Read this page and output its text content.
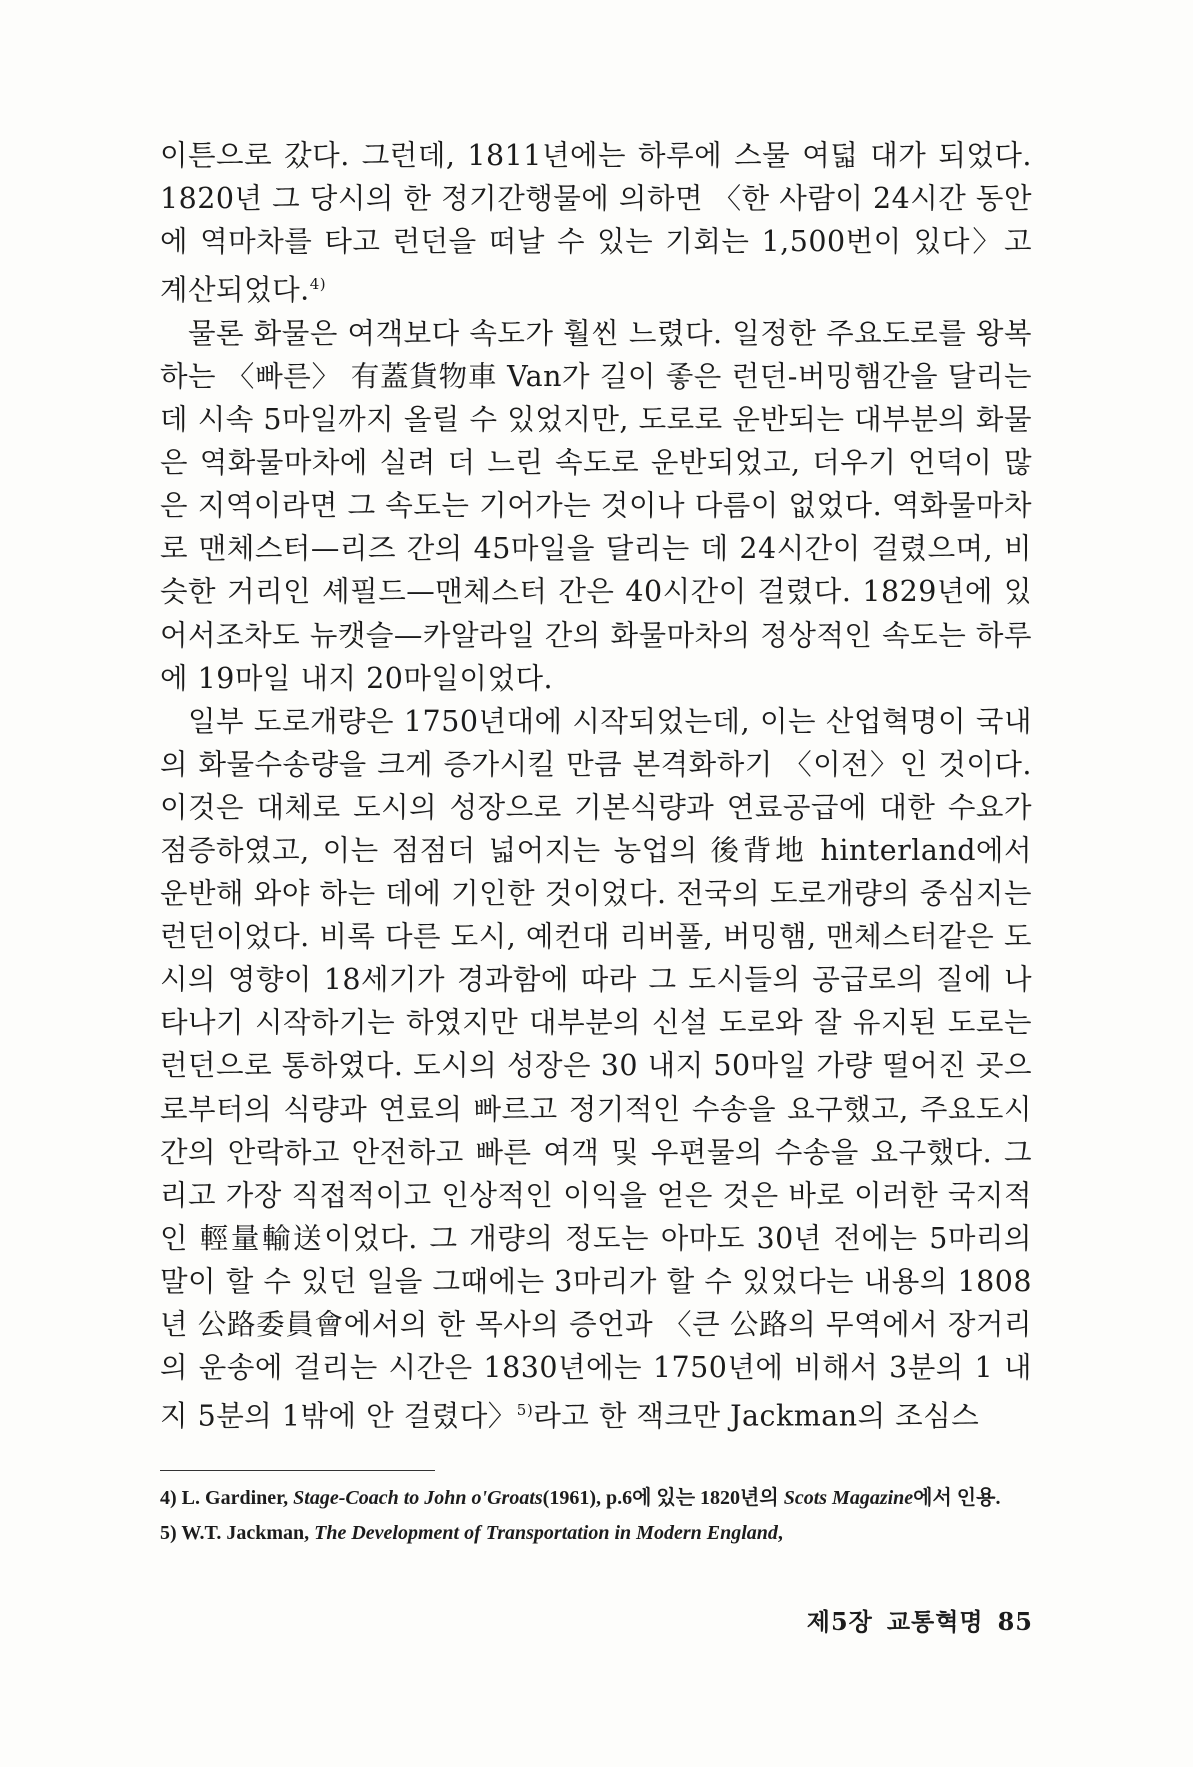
이튼으로 갔다. 그런데, 1811년에는 하루에 스물 여덟 대가 되었다. 1820년 그 당시의 한 정기간행물에 의하면 〈한 사람이 24시간 동안에 역마차를 타고 런던을 떠날 수 있는 기회는 1,500번이 있다〉고 계산되었다.$^{4)}$

물론 화물은 여객보다 속도가 훨씬 느렸다. 일정한 주요도로를 왕복하는 〈빠른〉 有蓋貨物車 Van가 길이 좋은 런던-버밍햄간을 달리는 데 시속 5마일까지 올릴 수 있었지만, 도로로 운반되는 대부분의 화물은 역화물마차에 실려 더 느린 속도로 운반되었고, 더우기 언덕이 많은 지역이라면 그 속도는 기어가는 것이나 다름이 없었다. 역화물마차로 맨체스터—리즈 간의 45마일을 달리는 데 24시간이 걸렸으며, 비슷한 거리인 셰필드—맨체스터 간은 40시간이 걸렸다. 1829년에 있어서조차도 뉴캣슬—카알라일 간의 화물마차의 정상적인 속도는 하루에 19마일 내지 20마일이었다.

일부 도로개량은 1750년대에 시작되었는데, 이는 산업혁명이 국내의 화물수송량을 크게 증가시킬 만큼 본격화하기 〈이전〉인 것이다. 이것은 대체로 도시의 성장으로 기본식량과 연료공급에 대한 수요가 점증하였고, 이는 점점더 넓어지는 농업의 後背地 hinterland에서 운반해 와야 하는 데에 기인한 것이었다. 전국의 도로개량의 중심지는 런던이었다. 비록 다른 도시, 예컨대 리버풀, 버밍햄, 맨체스터같은 도시의 영향이 18세기가 경과함에 따라 그 도시들의 공급로의 질에 나타나기 시작하기는 하였지만 대부분의 신설 도로와 잘 유지된 도로는 런던으로 통하였다. 도시의 성장은 30 내지 50마일 가량 떨어진 곳으로부터의 식량과 연료의 빠르고 정기적인 수송을 요구했고, 주요도시 간의 안락하고 안전하고 빠른 여객 및 우편물의 수송을 요구했다. 그리고 가장 직접적이고 인상적인 이익을 얻은 것은 바로 이러한 국지적인 輕量輸送이었다. 그 개량의 정도는 아마도 30년 전에는 5마리의 말이 할 수 있던 일을 그때에는 3마리가 할 수 있었다는 내용의 1808년 公路委員會에서의 한 목사의 증언과 〈큰 公路의 무역에서 장거리의 운송에 걸리는 시간은 1830년에는 1750년에 비해서 3분의 1 내지 5분의 1밖에 안 걸렸다〉$^{5)}$라고 한 잭크만 Jackman의 조심스

4) L. Gardiner, Stage-Coach to John o'Groats(1961), p.6에 있는 1820년의 Scots Magazine에서 인용.

5) W.T. Jackman, The Development of Transportation in Modern England,

제5장 교통혁명 85
